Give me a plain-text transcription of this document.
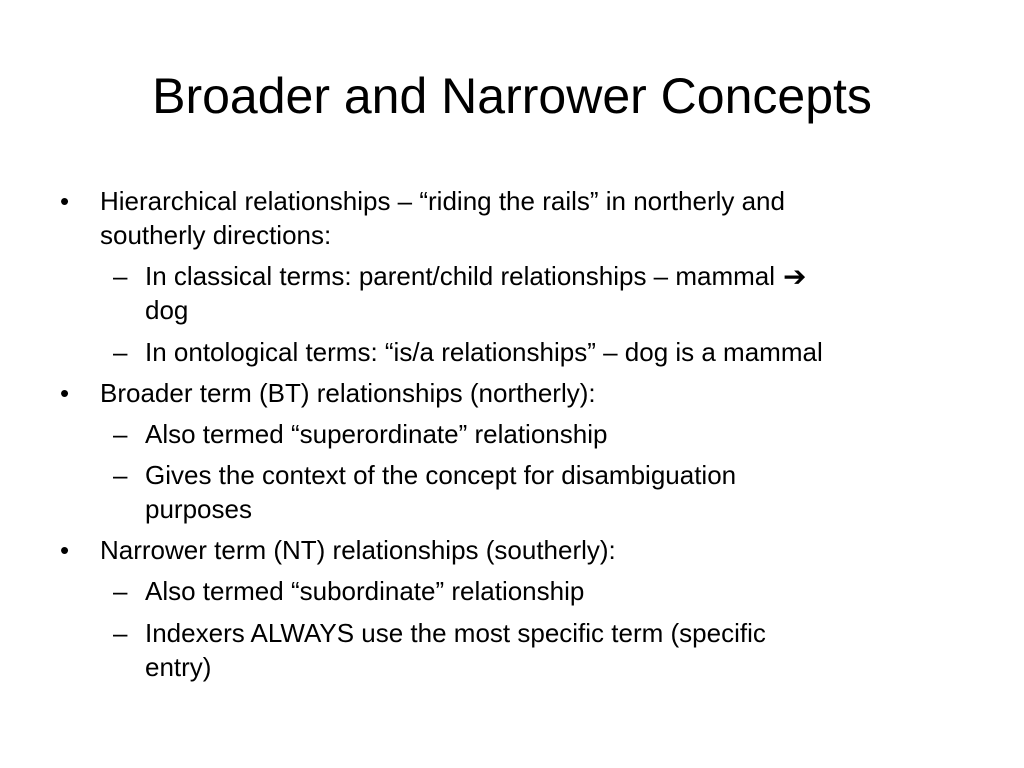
Broader and Narrower Concepts
• Hierarchical relationships – “riding the rails” in northerly and
southerly directions:
– In classical terms: parent/child relationships – mammal ➔
dog
– In ontological terms: “is/a relationships” – dog is a mammal
• Broader term (BT) relationships (northerly):
– Also termed “superordinate” relationship
– Gives the context of the concept for disambiguation
purposes
• Narrower term (NT) relationships (southerly):
– Also termed “subordinate” relationship
– Indexers ALWAYS use the most specific term (specific
entry)
